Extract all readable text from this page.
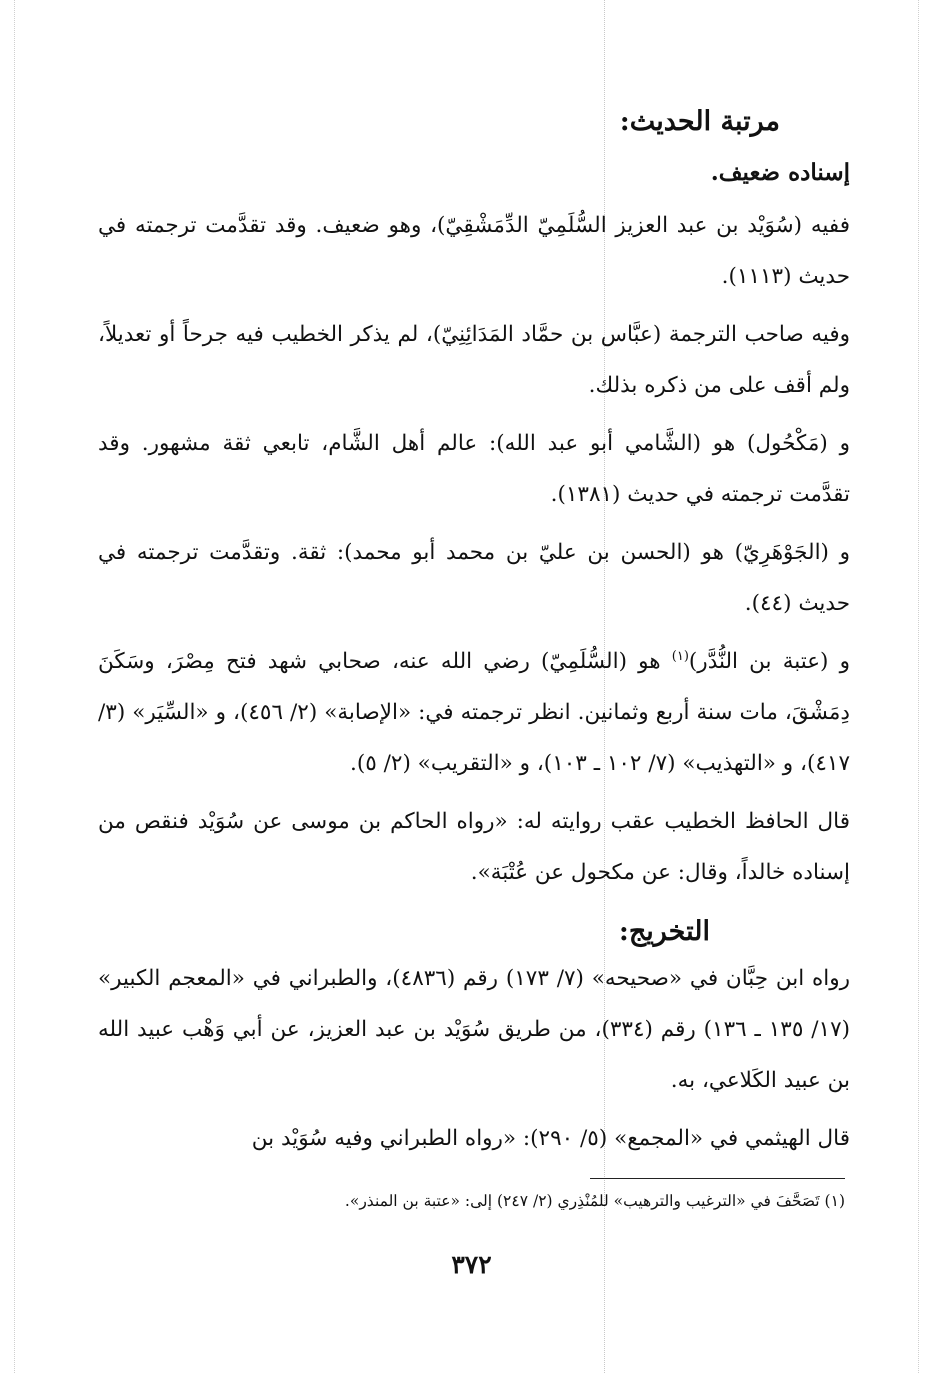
مرتبة الحديث:
إسناده ضعيف.

ففيه (سُوَيْد بن عبد العزيز السُّلَمِيّ الدِّمَشْقِيّ)، وهو ضعيف. وقد تقدَّمت ترجمته في حديث (١١١٣).

وفيه صاحب الترجمة (عبَّاس بن حمَّاد المَدَائِنِيّ)، لم يذكر الخطيب فيه جرحاً أو تعديلاً، ولم أقف على من ذكره بذلك.

و (مَكْحُول) هو (الشَّامي أبو عبد الله): عالم أهل الشَّام، تابعي ثقة مشهور. وقد تقدَّمت ترجمته في حديث (١٣٨١).

و (الجَوْهَرِيّ) هو (الحسن بن عليّ بن محمد أبو محمد): ثقة. وتقدَّمت ترجمته في حديث (٤٤).

و (عتبة بن النُّدَّر)$^{(١)}$ هو (السُّلَمِيّ) رضي الله عنه، صحابي شهد فتح مِصْرَ، وسَكَنَ دِمَشْقَ، مات سنة أربع وثمانين. انظر ترجمته في: «الإصابة» (٢/ ٤٥٦)، و «السِّيَر» (٣/ ٤١٧)، و «التهذيب» (٧/ ١٠٢ ـ ١٠٣)، و «التقريب» (٢/ ٥).

قال الحافظ الخطيب عقب روايته له: «رواه الحاكم بن موسى عن سُوَيْد فنقص من إسناده خالداً، وقال: عن مكحول عن عُتْبَة».

التخريج:

رواه ابن حِبَّان في «صحيحه» (٧/ ١٧٣) رقم (٤٨٣٦)، والطبراني في «المعجم الكبير» (١٧/ ١٣٥ ـ ١٣٦) رقم (٣٣٤)، من طريق سُوَيْد بن عبد العزيز، عن أبي وَهْب عبيد الله بن عبيد الكَلاعي، به.

قال الهيثمي في «المجمع» (٥/ ٢٩٠): «رواه الطبراني وفيه سُوَيْد بن

(١) تَصَحَّفَ في «الترغيب والترهيب» للمُنْذِري (٢/ ٢٤٧) إلى: «عتبة بن المنذر».
٣٧٢
